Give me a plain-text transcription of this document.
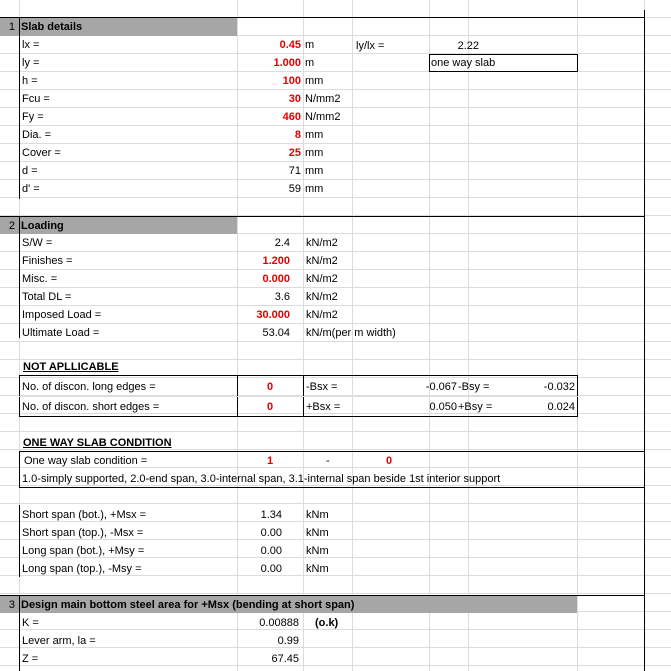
1 Slab details
lx =	0.45 m
ly =	1.000 m
h =	100 mm
Fcu =	30 N/mm2
Fy =	460 N/mm2
Dia. =	8 mm
Cover =	25 mm
d =	71 mm
d' =	59 mm
ly/lx =	2.22
one way slab
2 Loading
S/W =	2.4 kN/m2
Finishes =	1.200 kN/m2
Misc. =	0.000 kN/m2
Total DL =	3.6 kN/m2
Imposed Load =	30.000 kN/m2
Ultimate Load =	53.04 kN/m(per m width)
NOT APLLICABLE
No. of discon. long edges =	0	-Bsx =	-0.067 -Bsy =	-0.032
No. of discon. short edges =	0	+Bsx =	0.050 +Bsy =	0.024
ONE WAY SLAB CONDITION
One way slab condition =	1	-	0
1.0-simply supported, 2.0-end span, 3.0-internal span, 3.1-internal span beside 1st interior support
Short span (bot.), +Msx =	1.34 kNm
Short span (top.), -Msx =	0.00 kNm
Long span (bot.), +Msy =	0.00 kNm
Long span (top.), -Msy =	0.00 kNm
3 Design main bottom steel area for +Msx (bending at short span)
K =	0.00888 (o.k)
Lever arm, la =	0.99
Z =	67.45
